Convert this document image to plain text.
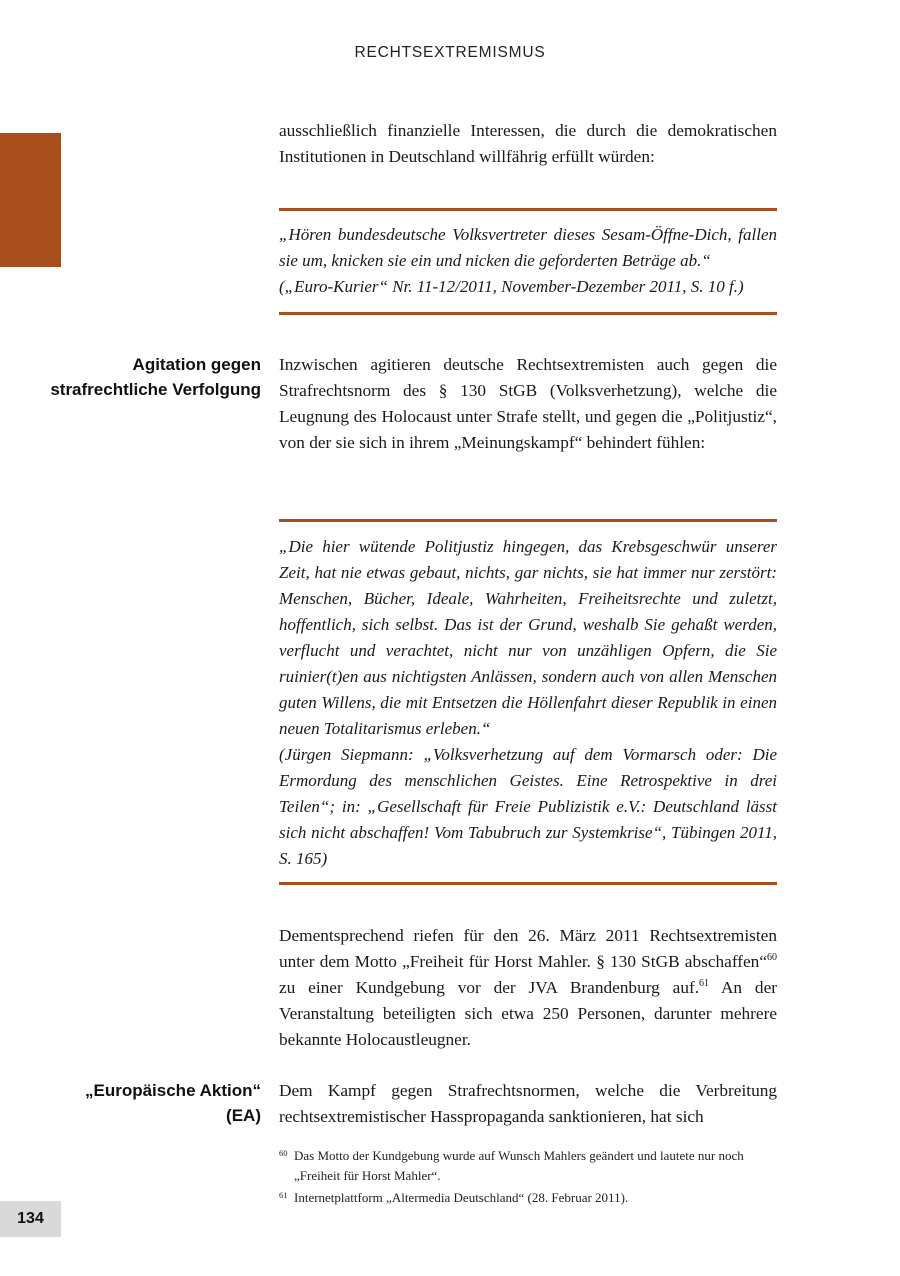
RECHTSEXTREMISMUS
ausschließlich finanzielle Interessen, die durch die demokratischen Institutionen in Deutschland willfährig erfüllt würden:
„Hören bundesdeutsche Volksvertreter dieses Sesam-Öffne-Dich, fallen sie um, knicken sie ein und nicken die geforderten Beträge ab.“
(„Euro-Kurier“ Nr. 11-12/2011, November-Dezember 2011, S. 10 f.)
Agitation gegen strafrechtliche Verfolgung
Inzwischen agitieren deutsche Rechtsextremisten auch gegen die Strafrechtsnorm des § 130 StGB (Volksverhetzung), welche die Leugnung des Holocaust unter Strafe stellt, und gegen die „Politjustiz“, von der sie sich in ihrem „Meinungskampf“ behindert fühlen:
„Die hier wütende Politjustiz hingegen, das Krebsgeschwür unserer Zeit, hat nie etwas gebaut, nichts, gar nichts, sie hat immer nur zerstört: Menschen, Bücher, Ideale, Wahrheiten, Freiheitsrechte und zuletzt, hoffentlich, sich selbst. Das ist der Grund, weshalb Sie gehaßt werden, verflucht und verachtet, nicht nur von unzähligen Opfern, die Sie ruinier(t)en aus nichtigsten Anlässen, sondern auch von allen Menschen guten Willens, die mit Entsetzen die Höllenfahrt dieser Republik in einen neuen Totalitarismus erleben.“
(Jürgen Siepmann: „Volksverhetzung auf dem Vormarsch oder: Die Ermordung des menschlichen Geistes. Eine Retrospektive in drei Teilen“; in: „Gesellschaft für Freie Publizistik e.V.: Deutschland lässt sich nicht abschaffen! Vom Tabubruch zur Systemkrise“, Tübingen 2011, S. 165)
Dementsprechend riefen für den 26. März 2011 Rechtsextremisten unter dem Motto „Freiheit für Horst Mahler. § 130 StGB abschaffen“$^{60}$ zu einer Kundgebung vor der JVA Brandenburg auf.$^{61}$ An der Veranstaltung beteiligten sich etwa 250 Personen, darunter mehrere bekannte Holocaustleugner.
„Europäische Aktion“
(EA)
Dem Kampf gegen Strafrechtsnormen, welche die Verbreitung rechtsextremistischer Hasspropaganda sanktionieren, hat sich
60 Das Motto der Kundgebung wurde auf Wunsch Mahlers geändert und lautete nur noch „Freiheit für Horst Mahler“.
61 Internetplattform „Altermedia Deutschland“ (28. Februar 2011).
134
